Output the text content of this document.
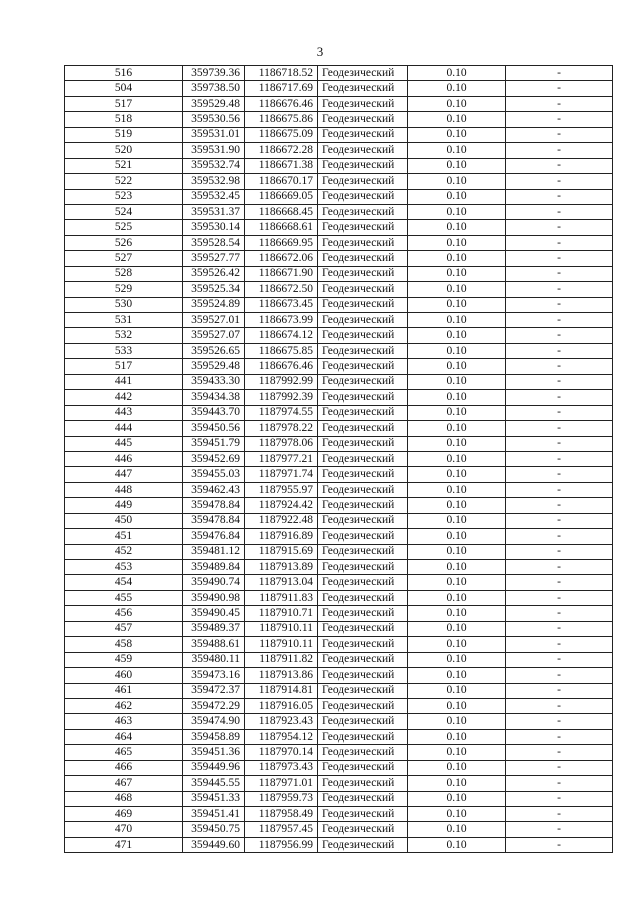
3
516	359739.36	1186718.52	Геодезический	0.10	-
504	359738.50	1186717.69	Геодезический	0.10	-
517	359529.48	1186676.46	Геодезический	0.10	-
518	359530.56	1186675.86	Геодезический	0.10	-
519	359531.01	1186675.09	Геодезический	0.10	-
520	359531.90	1186672.28	Геодезический	0.10	-
521	359532.74	1186671.38	Геодезический	0.10	-
522	359532.98	1186670.17	Геодезический	0.10	-
523	359532.45	1186669.05	Геодезический	0.10	-
524	359531.37	1186668.45	Геодезический	0.10	-
525	359530.14	1186668.61	Геодезический	0.10	-
526	359528.54	1186669.95	Геодезический	0.10	-
527	359527.77	1186672.06	Геодезический	0.10	-
528	359526.42	1186671.90	Геодезический	0.10	-
529	359525.34	1186672.50	Геодезический	0.10	-
530	359524.89	1186673.45	Геодезический	0.10	-
531	359527.01	1186673.99	Геодезический	0.10	-
532	359527.07	1186674.12	Геодезический	0.10	-
533	359526.65	1186675.85	Геодезический	0.10	-
517	359529.48	1186676.46	Геодезический	0.10	-
441	359433.30	1187992.99	Геодезический	0.10	-
442	359434.38	1187992.39	Геодезический	0.10	-
443	359443.70	1187974.55	Геодезический	0.10	-
444	359450.56	1187978.22	Геодезический	0.10	-
445	359451.79	1187978.06	Геодезический	0.10	-
446	359452.69	1187977.21	Геодезический	0.10	-
447	359455.03	1187971.74	Геодезический	0.10	-
448	359462.43	1187955.97	Геодезический	0.10	-
449	359478.84	1187924.42	Геодезический	0.10	-
450	359478.84	1187922.48	Геодезический	0.10	-
451	359476.84	1187916.89	Геодезический	0.10	-
452	359481.12	1187915.69	Геодезический	0.10	-
453	359489.84	1187913.89	Геодезический	0.10	-
454	359490.74	1187913.04	Геодезический	0.10	-
455	359490.98	1187911.83	Геодезический	0.10	-
456	359490.45	1187910.71	Геодезический	0.10	-
457	359489.37	1187910.11	Геодезический	0.10	-
458	359488.61	1187910.11	Геодезический	0.10	-
459	359480.11	1187911.82	Геодезический	0.10	-
460	359473.16	1187913.86	Геодезический	0.10	-
461	359472.37	1187914.81	Геодезический	0.10	-
462	359472.29	1187916.05	Геодезический	0.10	-
463	359474.90	1187923.43	Геодезический	0.10	-
464	359458.89	1187954.12	Геодезический	0.10	-
465	359451.36	1187970.14	Геодезический	0.10	-
466	359449.96	1187973.43	Геодезический	0.10	-
467	359445.55	1187971.01	Геодезический	0.10	-
468	359451.33	1187959.73	Геодезический	0.10	-
469	359451.41	1187958.49	Геодезический	0.10	-
470	359450.75	1187957.45	Геодезический	0.10	-
471	359449.60	1187956.99	Геодезический	0.10	-
